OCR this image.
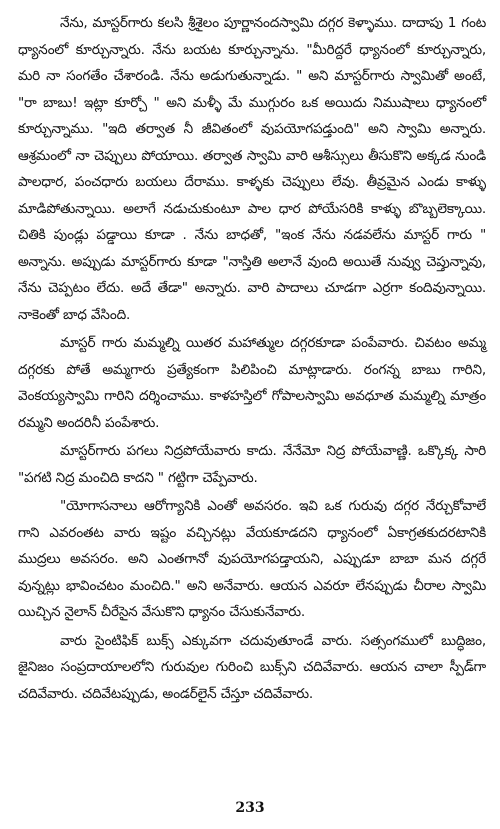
నేను, మాస్టర్‌గారు కలసి శ్రీశైలం పూర్ణానందస్వామి దగ్గర కెళ్ళాము. దాదాపు 1 గంట ధ్యానంలో కూర్చున్నారు. నేను బయట కూర్చున్నాను. "మీరిద్దరే ధ్యానంలో కూర్చున్నారు, మరి నా సంగతేం చేశారండి. నేను అడుగుతున్నాడు. " అని మాస్టర్‌గారు స్వామితో అంటే, "రా బాబు! ఇట్లా కూర్చో " అని మళ్ళీ మే ముగ్గురం ఒక అయిదు నిముషాలు ధ్యానంలో కూర్చున్నాము. "ఇది తర్వాత నీ జీవితంలో వుపయోగపడ్తుంది" అని స్వామి అన్నారు. ఆశ్రమంలో నా చెప్పులు పోయాయి. తర్వాత స్వామి వారి ఆశీస్సులు తీసుకొని అక్కడ నుండి పాలధార, పంచధారు బయలు దేరాము. కాళ్ళకు చెప్పులు లేవు. తీవ్రమైన ఎండు కాళ్ళు మాడిపోతున్నాయి. అలాగే నడుచుకుంటూ పాల ధార పోయేసరికి కాళ్ళు బొబ్బలెక్కాయి. చితికి పుండ్లు పడ్డాయి కూడా . నేను బాధతో, "ఇంక నేను నడవలేను మాస్టర్ గారు " అన్నాను. అప్పుడు మాస్టర్‌గారు కూడా "నాస్తితి అలానే వుంది అయితే నువ్వు చెప్తున్నావు, నేను చెప్పటం లేదు. అదే తేడా" అన్నారు. వారి పాదాలు చూడగా ఎర్రగా కందివున్నాయి. నాకెంతో బాధ వేసింది.

మాస్టర్ గారు మమ్మల్ని యితర మహాత్ముల దగ్గరకూడా పంపేవారు. చివటం అమ్మ దగ్గరకు పోతే అమ్మగారు ప్రత్యేకంగా పిలిపించి మాట్లాడారు. రంగన్న బాబు గారిని, వెంకయ్యస్వామి గారిని దర్శించాము. కాళహస్తిలో గోపాలస్వామి అవధూత మమ్మల్ని మాత్రం రమ్మని అందరినీ పంపేశారు.

మాస్టర్‌గారు పగలు నిద్రపోయేవారు కాదు. నేనేమో నిద్ర పోయేవాణ్ణి. ఒక్కొక్క సారి "పగటి నిద్ర మంచిది కాదని " గట్టిగా చెప్పేవారు.

"యోగాసనాలు ఆరోగ్యానికి ఎంతో అవసరం. ఇవి ఒక గురువు దగ్గర నేర్చుకోవాలే గాని ఎవరంతట వారు ఇష్టం వచ్చినట్లు వేయకూడదని ధ్యానంలో ఏకాగ్రతకుదరటానికి ముద్రలు అవసరం. అని ఎంతగానో వుపయోగపడ్తాయని, ఎప్పుడూ బాబా మన దగ్గరే వున్నట్లు భావించటం మంచిది." అని అనేవారు. ఆయన ఎవరూ లేనప్పుడు చీరాల స్వామి యిచ్చిన నైలాన్ చీరేసైన వేసుకొని ధ్యానం చేసుకునేవారు.

వారు సైంటిఫిక్ బుక్స్ ఎక్కువగా చదువుతూండే వారు. సత్సంగములో బుద్ధిజం, జైనిజం సంప్రదాయాలలోని గురువుల గురించి బుక్స్‌ని చదివేవారు. ఆయన చాలా స్పీడ్‌గా చదివేవారు. చదివేటప్పుడు, అండర్‌లైన్ చేస్తూ చదివేవారు.

233
